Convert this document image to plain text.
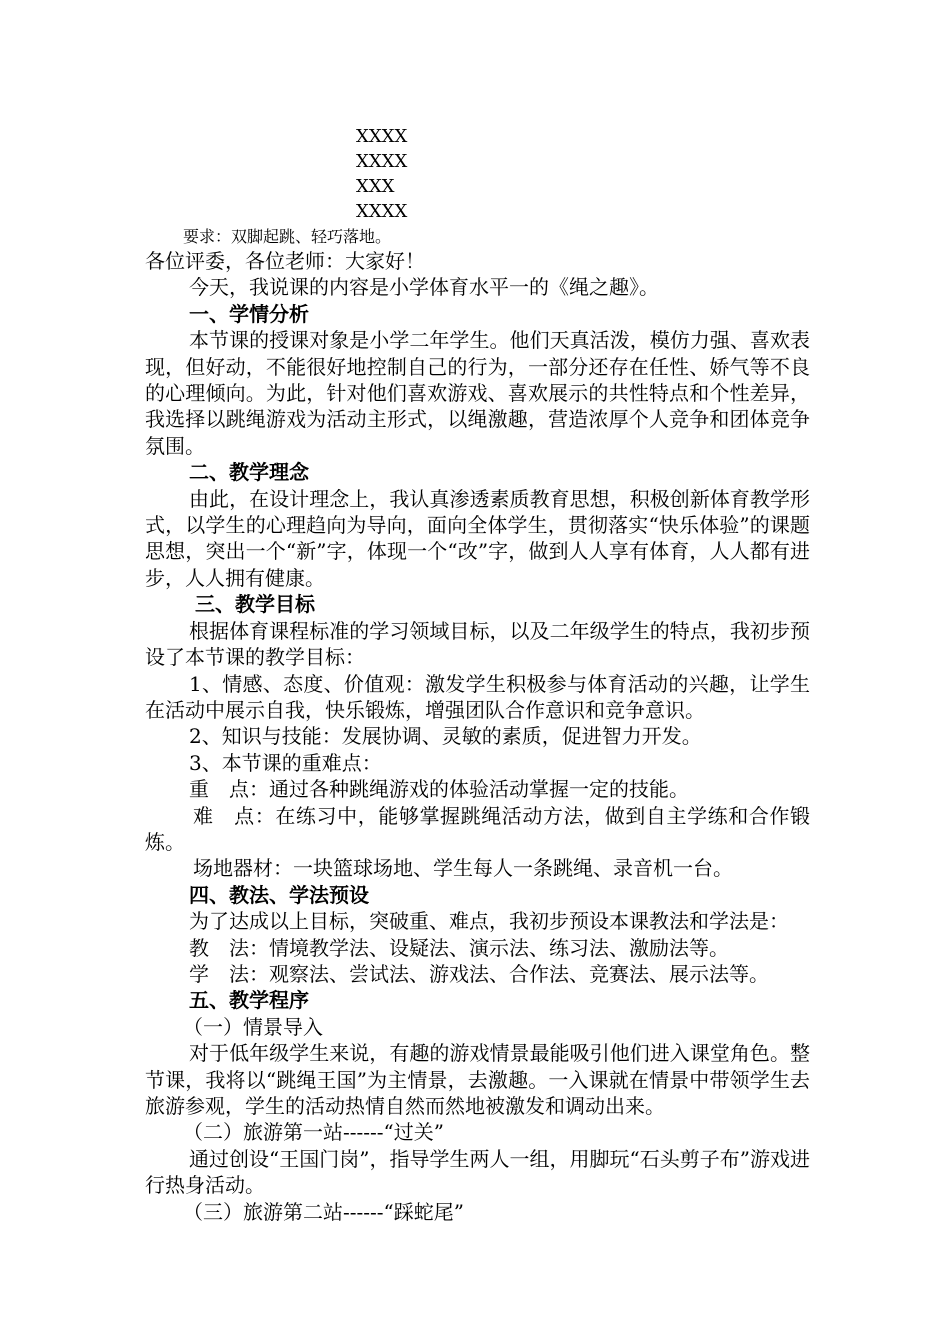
XXXX
XXXX
XXX
XXXX
要求：双脚起跳、轻巧落地。

各位评委，各位老师：大家好！

今天，我说课的内容是小学体育水平一的《绳之趣》。

一、学情分析

本节课的授课对象是小学二年学生。他们天真活泼，模仿力强、喜欢表现，但好动，不能很好地控制自己的行为，一部分还存在任性、娇气等不良的心理倾向。为此，针对他们喜欢游戏、喜欢展示的共性特点和个性差异，我选择以跳绳游戏为活动主形式，以绳激趣，营造浓厚个人竞争和团体竞争氛围。

二、教学理念

由此，在设计理念上，我认真渗透素质教育思想，积极创新体育教学形式，以学生的心理趋向为导向，面向全体学生，贯彻落实“快乐体验”的课题思想，突出一个“新”字，体现一个“改”字，做到人人享有体育，人人都有进步，人人拥有健康。

三、教学目标

根据体育课程标准的学习领域目标，以及二年级学生的特点，我初步预设了本节课的教学目标：

1、情感、态度、价值观：激发学生积极参与体育活动的兴趣，让学生在活动中展示自我，快乐锻炼，增强团队合作意识和竞争意识。

2、知识与技能：发展协调、灵敏的素质，促进智力开发。

3、本节课的重难点：

重　点：通过各种跳绳游戏的体验活动掌握一定的技能。

难　点：在练习中，能够掌握跳绳活动方法，做到自主学练和合作锻炼。

场地器材：一块篮球场地、学生每人一条跳绳、录音机一台。

四、教法、学法预设

为了达成以上目标，突破重、难点，我初步预设本课教法和学法是：

教　法：情境教学法、设疑法、演示法、练习法、激励法等。

学　法：观察法、尝试法、游戏法、合作法、竞赛法、展示法等。

五、教学程序

（一）情景导入

对于低年级学生来说，有趣的游戏情景最能吸引他们进入课堂角色。整节课，我将以“跳绳王国”为主情景，去激趣。一入课就在情景中带领学生去旅游参观，学生的活动热情自然而然地被激发和调动出来。

（二）旅游第一站------“过关”

通过创设“王国门岗”，指导学生两人一组，用脚玩“石头剪子布”游戏进行热身活动。

（三）旅游第二站------“踩蛇尾”
